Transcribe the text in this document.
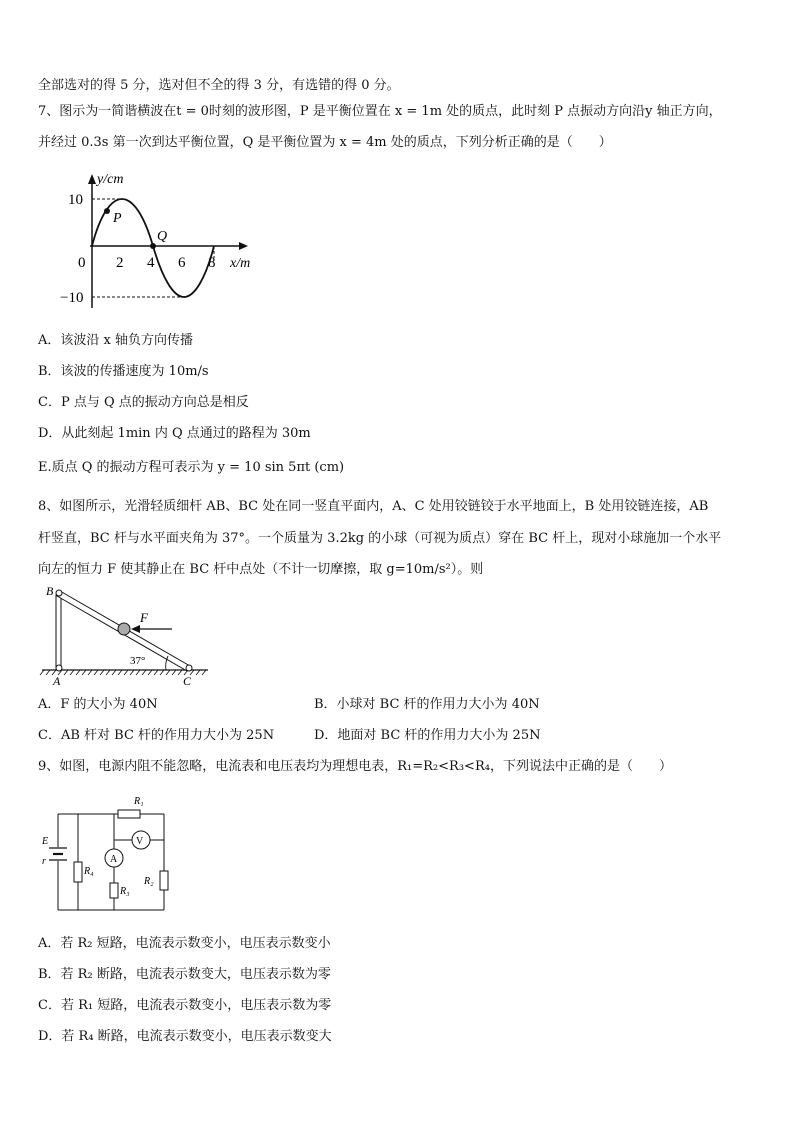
全部选对的得 5 分，选对但不全的得 3 分，有选错的得 0 分。
7、图示为一简谐横波在t = 0时刻的波形图，P 是平衡位置在 x = 1m 处的质点，此时刻 P 点振动方向沿y 轴正方向，
并经过 0.3s 第一次到达平衡位置，Q 是平衡位置为 x = 4m 处的质点，下列分析正确的是（　　）
y/cm
10
−10
P
Q
0 2 4 6 8 x/m
A．该波沿 x 轴负方向传播
B．该波的传播速度为 10m/s
C．P 点与 Q 点的振动方向总是相反
D．从此刻起 1min 内 Q 点通过的路程为 30m
E.质点 Q 的振动方程可表示为 y = 10 sin 5πt (cm)
8、如图所示，光滑轻质细杆 AB、BC 处在同一竖直平面内，A、C 处用铰链铰于水平地面上，B 处用铰链连接，AB
杆竖直，BC 杆与水平面夹角为 37°。一个质量为 3.2kg 的小球（可视为质点）穿在 BC 杆上，现对小球施加一个水平
向左的恒力 F 使其静止在 BC 杆中点处（不计一切摩擦，取 g=10m/s²）。则
B
F
37°
A	C
A．F 的大小为 40N	B．小球对 BC 杆的作用力大小为 40N
C．AB 杆对 BC 杆的作用力大小为 25N	D．地面对 BC 杆的作用力大小为 25N
9、如图，电源内阻不能忽略，电流表和电压表均为理想电表，R₁=R₂<R₃<R₄，下列说法中正确的是（　　）
V
A
R₁
E
r
R₄
R₃
R₂
A．若 R₂ 短路，电流表示数变小，电压表示数变小
B．若 R₂ 断路，电流表示数变大，电压表示数为零
C．若 R₁ 短路，电流表示数变小，电压表示数为零
D．若 R₄ 断路，电流表示数变小，电压表示数变大
